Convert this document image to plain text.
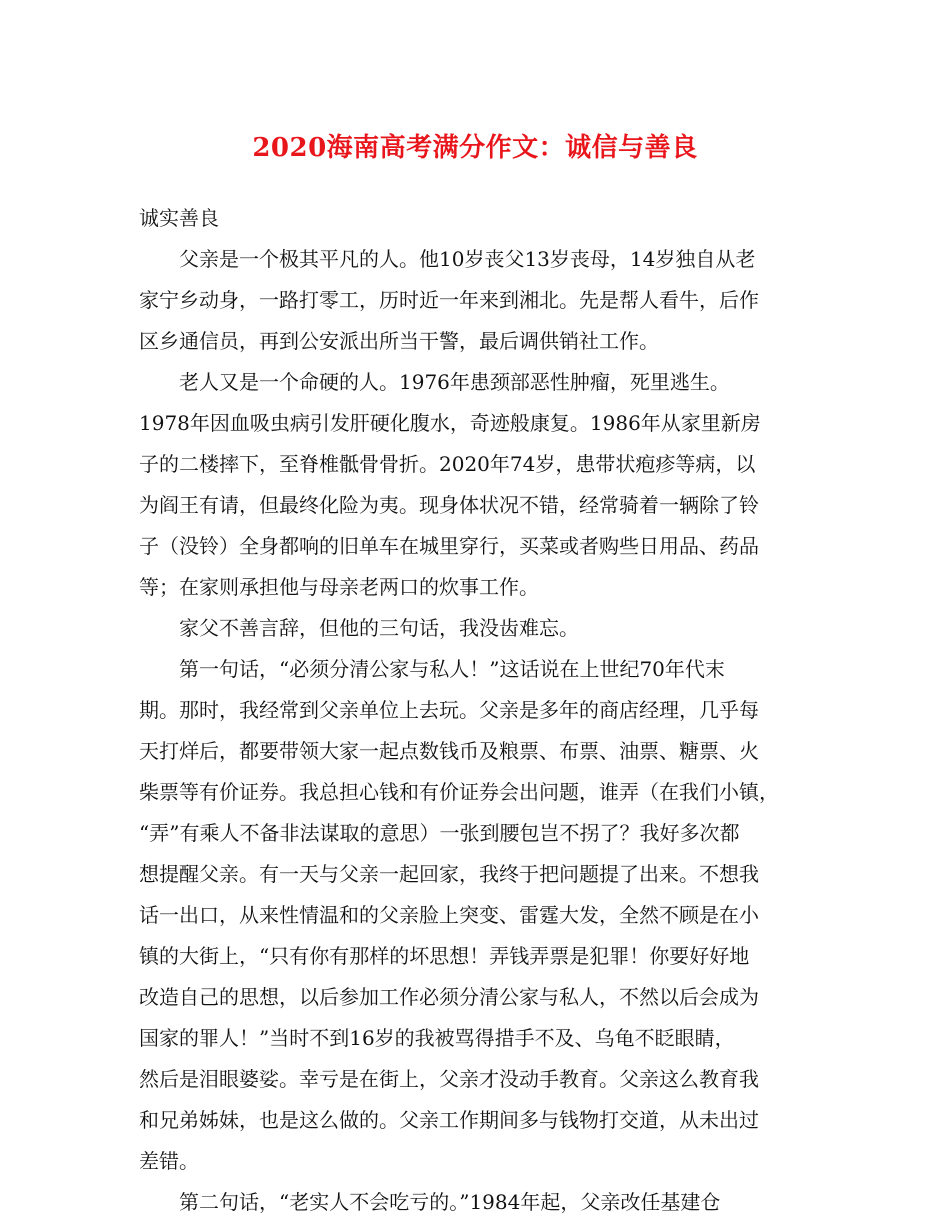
2020海南高考满分作文：诚信与善良
诚实善良
父亲是一个极其平凡的人。他10岁丧父13岁丧母，14岁独自从老
家宁乡动身，一路打零工，历时近一年来到湘北。先是帮人看牛，后作
区乡通信员，再到公安派出所当干警，最后调供销社工作。
老人又是一个命硬的人。1976年患颈部恶性肿瘤，死里逃生。
1978年因血吸虫病引发肝硬化腹水，奇迹般康复。1986年从家里新房
子的二楼摔下，至脊椎骶骨骨折。2020年74岁，患带状疱疹等病，以
为阎王有请，但最终化险为夷。现身体状况不错，经常骑着一辆除了铃
子（没铃）全身都响的旧单车在城里穿行，买菜或者购些日用品、药品
等；在家则承担他与母亲老两口的炊事工作。
家父不善言辞，但他的三句话，我没齿难忘。
第一句话，“必须分清公家与私人！”这话说在上世纪70年代末
期。那时，我经常到父亲单位上去玩。父亲是多年的商店经理，几乎每
天打烊后，都要带领大家一起点数钱币及粮票、布票、油票、糖票、火
柴票等有价证券。我总担心钱和有价证券会出问题，谁弄（在我们小镇，
“弄”有乘人不备非法谋取的意思）一张到腰包岂不拐了？我好多次都
想提醒父亲。有一天与父亲一起回家，我终于把问题提了出来。不想我
话一出口，从来性情温和的父亲脸上突变、雷霆大发，全然不顾是在小
镇的大街上，“只有你有那样的坏思想！弄钱弄票是犯罪！你要好好地
改造自己的思想，以后参加工作必须分清公家与私人，不然以后会成为
国家的罪人！”当时不到16岁的我被骂得措手不及、乌龟不眨眼睛，
然后是泪眼婆娑。幸亏是在街上，父亲才没动手教育。父亲这么教育我
和兄弟姊妹，也是这么做的。父亲工作期间多与钱物打交道，从未出过
差错。
第二句话，“老实人不会吃亏的。”1984年起，父亲改任基建仓
